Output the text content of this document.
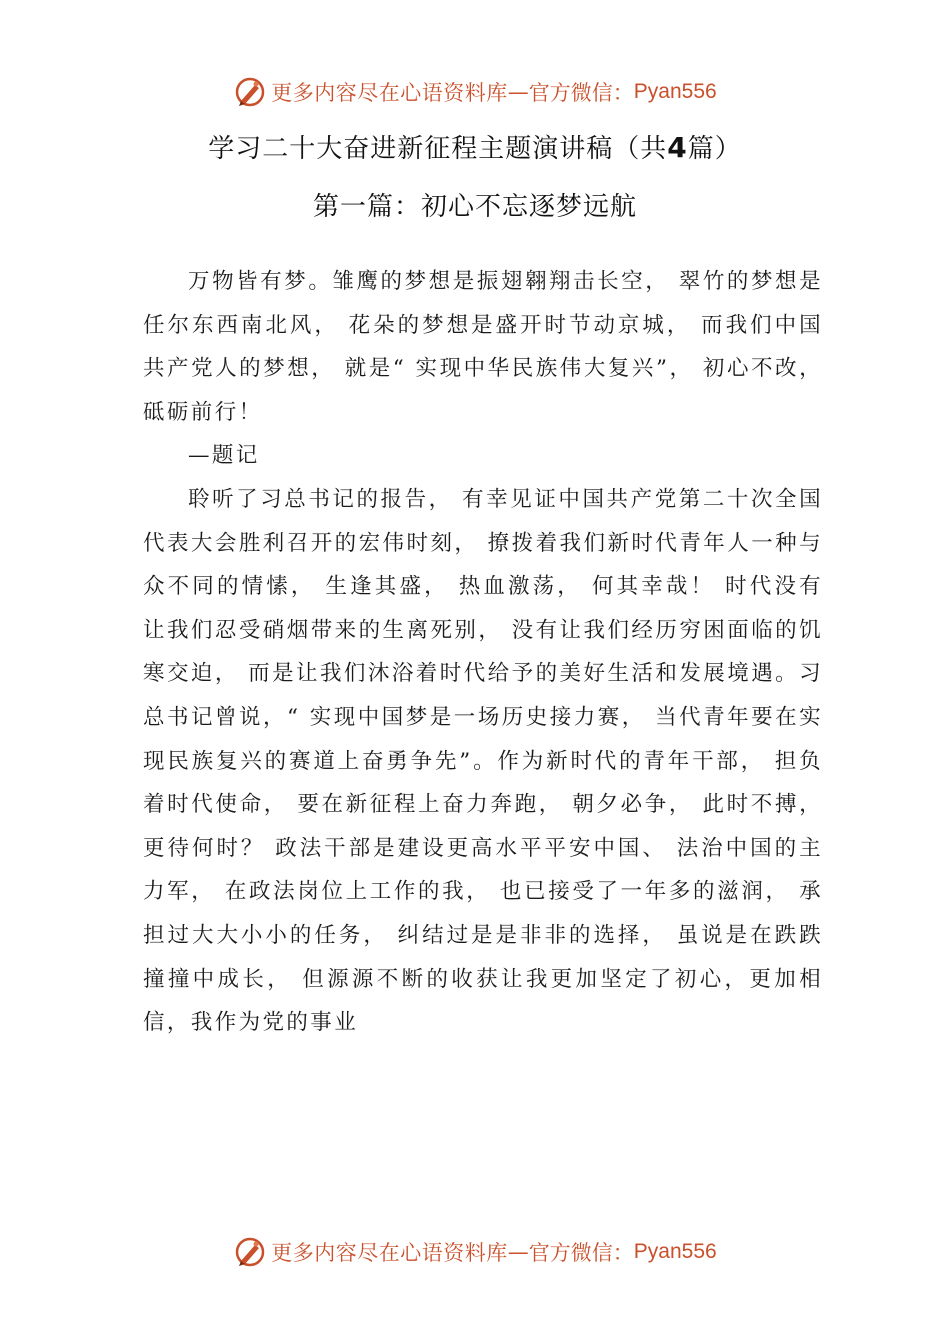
更多内容尽在心语资料库 — 官方微信： Pyan556
学习二十大奋进新征程主题演讲稿（共4篇）
第一篇：初心不忘逐梦远航

万物皆有梦。雏鹰的梦想是振翅翱翔击长空， 翠竹的梦想是任尔东西南北风， 花朵的梦想是盛开时节动京城， 而我们中国共产党人的梦想， 就是“ 实现中华民族伟大复兴”， 初心不改，砥砺前行！

—题记

聆听了习总书记的报告， 有幸见证中国共产党第二十次全国代表大会胜利召开的宏伟时刻， 撩拨着我们新时代青年人一种与众不同的情愫， 生逢其盛， 热血激荡， 何其幸哉！ 时代没有让我们忍受硝烟带来的生离死别， 没有让我们经历穷困面临的饥寒交迫， 而是让我们沐浴着时代给予的美好生活和发展境遇。习总书记曾说，“ 实现中国梦是一场历史接力赛， 当代青年要在实现民族复兴的赛道上奋勇争先”。作为新时代的青年干部， 担负着时代使命， 要在新征程上奋力奔跑， 朝夕必争， 此时不搏， 更待何时？ 政法干部是建设更高水平平安中国、 法治中国的主力军， 在政法岗位上工作的我， 也已接受了一年多的滋润， 承担过大大小小的任务， 纠结过是是非非的选择， 虽说是在跌跌撞撞中成长， 但源源不断的收获让我更加坚定了初心，更加相信，我作为党的事业

更多内容尽在心语资料库 — 官方微信： Pyan556
